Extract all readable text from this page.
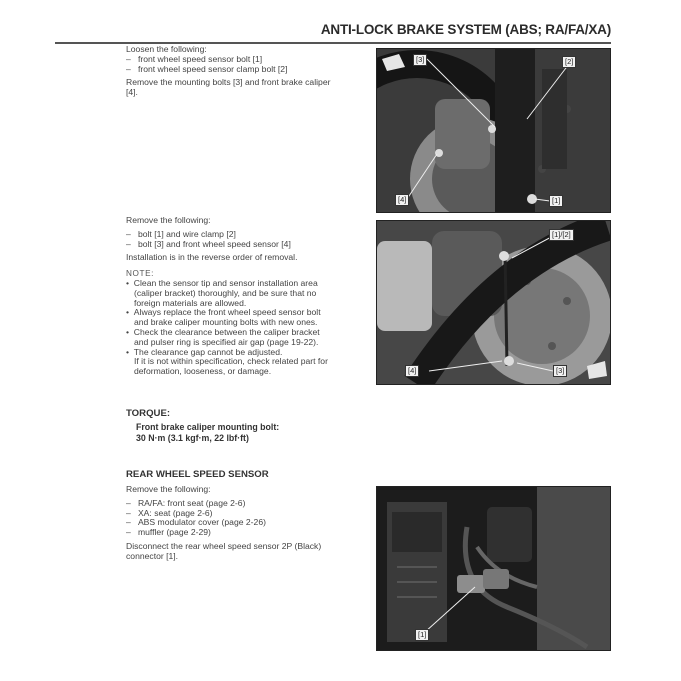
ANTI-LOCK BRAKE SYSTEM (ABS; RA/FA/XA)

Loosen the following:

–   front wheel speed sensor bolt [1]

–   front wheel speed sensor clamp bolt [2]

Remove the mounting bolts [3] and front brake caliper

[4].

[3]	[2]
[4]	[1]

Remove the following:

–   bolt [1] and wire clamp [2]

–   bolt [3] and front wheel speed sensor [4]

Installation is in the reverse order of removal.

NOTE:

•  Clean the sensor tip and sensor installation area

(caliper bracket) thoroughly, and be sure that no

foreign materials are allowed.

•  Always replace the front wheel speed sensor bolt

and brake caliper mounting bolts with new ones.

•  Check the clearance between the caliper bracket

and pulser ring is specified air gap (page 19-22).

•  The clearance gap cannot be adjusted.

If it is not within specification, check related part for

deformation, looseness, or damage.

[1]/[2]
[4]	[3]
TORQUE:
Front brake caliper mounting bolt:
30 N·m (3.1 kgf·m, 22 lbf·ft)
REAR WHEEL SPEED SENSOR

Remove the following:

–   RA/FA: front seat (page 2-6)

–   XA: seat (page 2-6)

–   ABS modulator cover (page 2-26)

–   muffler (page 2-29)

Disconnect the rear wheel speed sensor 2P (Black)

connector [1].

[1]
